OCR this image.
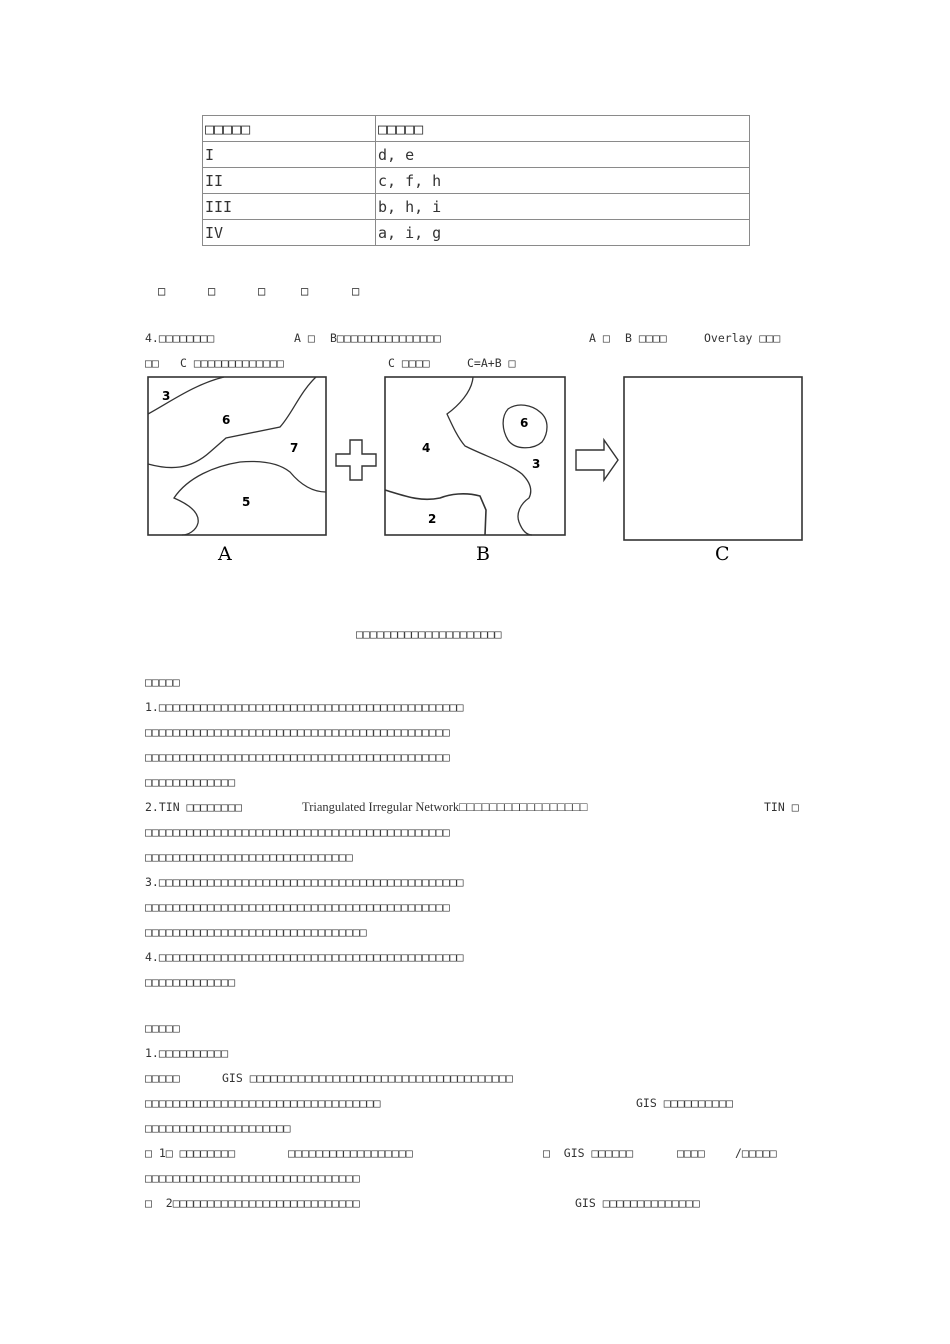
□□□□□	□□□□□
I	d, e
II	c, f, h
III	b, h, i
IV	a, i, g
□	□	□	□	□
4.□□□□□□□□	A □ B□□□□□□□□□□□□□□□	A □ B □□□□	Overlay □□□
□□ C □□□□□□□□□□□□□	C □□□□	C=A+B □
3
6
7
5
A
4
6
3
2
B	C
□□□□□□□□□□□□□□□□□□□□□
□□□□□
1.□□□□□□□□□□□□□□□□□□□□□□□□□□□□□□□□□□□□□□□□□□□□
□□□□□□□□□□□□□□□□□□□□□□□□□□□□□□□□□□□□□□□□□□□□
□□□□□□□□□□□□□□□□□□□□□□□□□□□□□□□□□□□□□□□□□□□□
□□□□□□□□□□□□□
2.TIN □□□□□□□□	Triangulated Irregular Network□□□□□□□□□□□□□□□□□	TIN □
□□□□□□□□□□□□□□□□□□□□□□□□□□□□□□□□□□□□□□□□□□□□
□□□□□□□□□□□□□□□□□□□□□□□□□□□□□□
3.□□□□□□□□□□□□□□□□□□□□□□□□□□□□□□□□□□□□□□□□□□□□
□□□□□□□□□□□□□□□□□□□□□□□□□□□□□□□□□□□□□□□□□□□□
□□□□□□□□□□□□□□□□□□□□□□□□□□□□□□□□
4.□□□□□□□□□□□□□□□□□□□□□□□□□□□□□□□□□□□□□□□□□□□□
□□□□□□□□□□□□□
□□□□□
1.□□□□□□□□□□
□□□□□	GIS □□□□□□□□□□□□□□□□□□□□□□□□□□□□□□□□□□□□□□
□□□□□□□□□□□□□□□□□□□□□□□□□□□□□□□□□□	GIS □□□□□□□□□□
□□□□□□□□□□□□□□□□□□□□□
□ 1□ □□□□□□□□	□□□□□□□□□□□□□□□□□□	□  GIS □□□□□□	□□□□	/□□□□□
□□□□□□□□□□□□□□□□□□□□□□□□□□□□□□□
□  2□□□□□□□□□□□□□□□□□□□□□□□□□□□	GIS □□□□□□□□□□□□□□
